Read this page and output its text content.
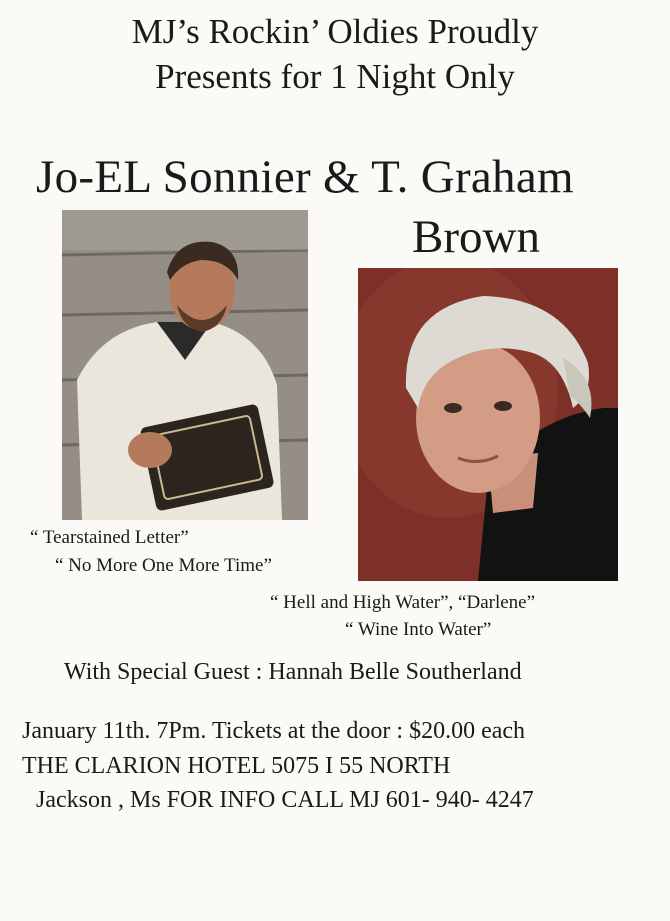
MJ’s Rockin’ Oldies Proudly
Presents for 1 Night Only
Jo-EL Sonnier & T. Graham
Brown
“ Tearstained Letter”
“ No More One More Time”
“ Hell and High Water”, “Darlene”
“ Wine Into Water”
With Special Guest : Hannah Belle Southerland
January 11th. 7Pm. Tickets at the door : $20.00 each
THE CLARION HOTEL 5075 I 55 NORTH
Jackson , Ms FOR INFO CALL MJ 601- 940- 4247
